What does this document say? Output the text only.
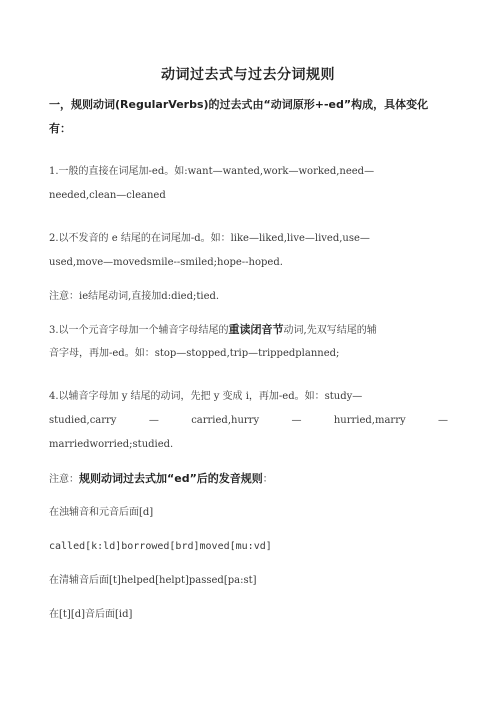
动词过去式与过去分词规则
一，规则动词(RegularVerbs)的过去式由“动词原形+-ed”构成，具体变化
有：
1.一般的直接在词尾加-ed。如:want—wanted,work—worked,need—
needed,clean—cleaned
2.以不发音的 e 结尾的在词尾加-d。如：like—liked,live—lived,use—
used,move—movedsmile--smiled;hope--hoped.
注意：ie结尾动词,直接加d:died;tied.
3.以一个元音字母加一个辅音字母结尾的重读闭音节动词,先双写结尾的辅
音字母，再加-ed。如：stop—stopped,trip—trippedplanned;
4.以辅音字母加 y 结尾的动词，先把 y 变成 i，再加-ed。如：study—
studied,carry	—	carried,hurry	—	hurried,marry	—
marriedworried;studied.
注意：规则动词过去式加“ed”后的发音规则：
在浊辅音和元音后面[d]
called[k:ld]borrowed[brd]moved[mu:vd]
在清辅音后面[t]helped[helpt]passed[pa:st]
在[t][d]音后面[id]
